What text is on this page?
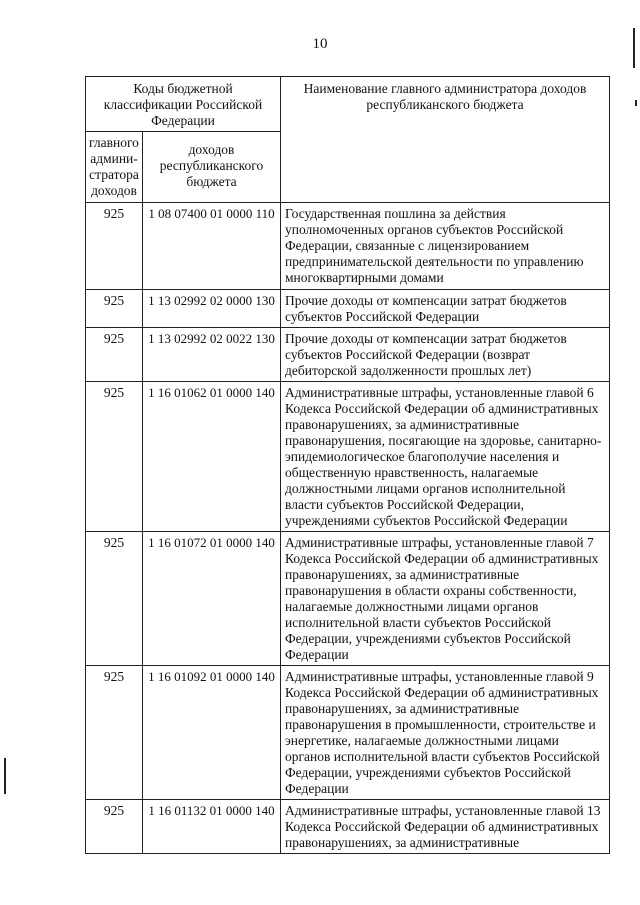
10
Коды бюджетной классификации Российской Федерации		Наименование главного администратора доходов республиканского бюджета
главного админи-стратора доходов	доходов республиканского бюджета	
925	1 08 07400 01 0000 110	Государственная пошлина за действия уполномоченных органов субъектов Российской Федерации, связанные с лицензированием предпринимательской деятельности по управлению многоквартирными домами
925	1 13 02992 02 0000 130	Прочие доходы от компенсации затрат бюджетов субъектов Российской Федерации
925	1 13 02992 02 0022 130	Прочие доходы от компенсации затрат бюджетов субъектов Российской Федерации (возврат дебиторской задолженности прошлых лет)
925	1 16 01062 01 0000 140	Административные штрафы, установленные главой 6 Кодекса Российской Федерации об административных правонарушениях, за административные правонарушения, посягающие на здоровье, санитарно-эпидемиологическое благополучие населения и общественную нравственность, налагаемые должностными лицами органов исполнительной власти субъектов Российской Федерации, учреждениями субъектов Российской Федерации
925	1 16 01072 01 0000 140	Административные штрафы, установленные главой 7 Кодекса Российской Федерации об административных правонарушениях, за административные правонарушения в области охраны собственности, налагаемые должностными лицами органов исполнительной власти субъектов Российской Федерации, учреждениями субъектов Российской Федерации
925	1 16 01092 01 0000 140	Административные штрафы, установленные главой 9 Кодекса Российской Федерации об административных правонарушениях, за административные правонарушения в промышленности, строительстве и энергетике, налагаемые должностными лицами органов исполнительной власти субъектов Российской Федерации, учреждениями субъектов Российской Федерации
925	1 16 01132 01 0000 140	Административные штрафы, установленные главой 13 Кодекса Российской Федерации об административных правонарушениях, за административные
